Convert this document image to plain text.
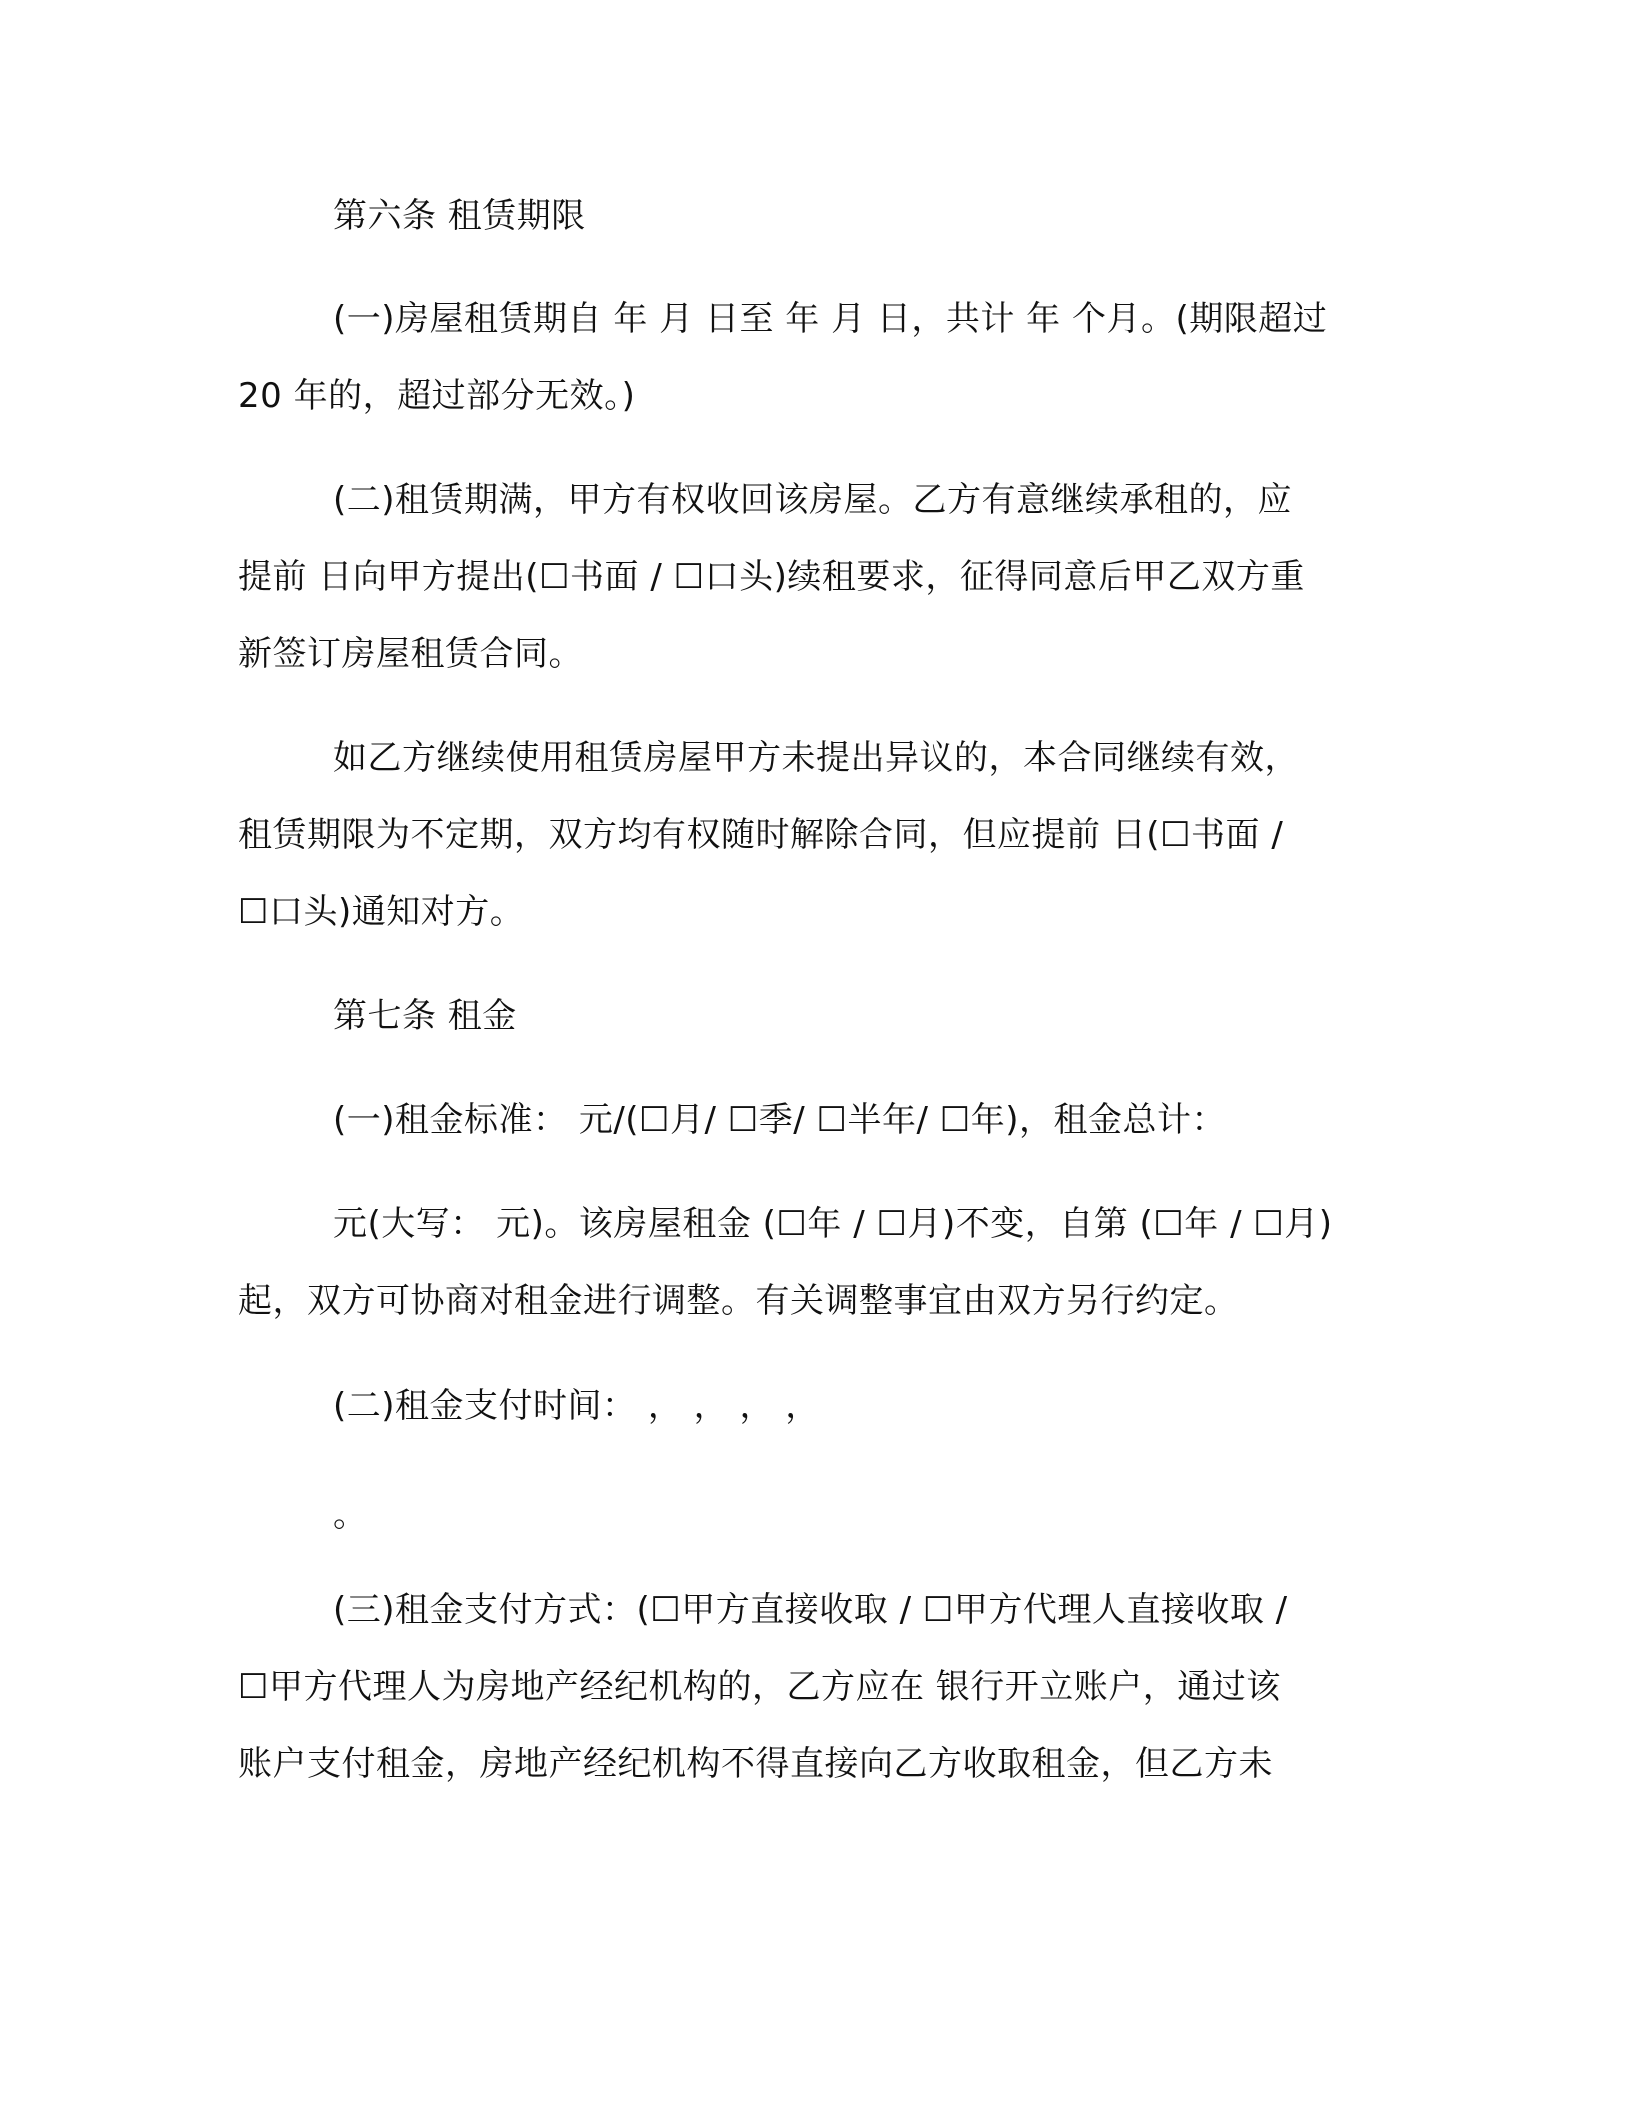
第六条 租赁期限
(一)房屋租赁期自 年 月 日至 年 月 日，共计 年 个月。(期限超过
20 年的，超过部分无效。)
(二)租赁期满，甲方有权收回该房屋。乙方有意继续承租的，应
提前 日向甲方提出(☐书面 / ☐口头)续租要求，征得同意后甲乙双方重
新签订房屋租赁合同。
如乙方继续使用租赁房屋甲方未提出异议的，本合同继续有效，
租赁期限为不定期，双方均有权随时解除合同，但应提前 日(☐书面 /
☐口头)通知对方。
第七条 租金
(一)租金标准： 元/(☐月/ ☐季/ ☐半年/ ☐年)，租金总计：
元(大写： 元)。该房屋租金 (☐年 / ☐月)不变，自第 (☐年 / ☐月)
起，双方可协商对租金进行调整。有关调整事宜由双方另行约定。
(二)租金支付时间： ， ， ， ，
。
(三)租金支付方式：(☐甲方直接收取 / ☐甲方代理人直接收取 /
☐甲方代理人为房地产经纪机构的，乙方应在 银行开立账户，通过该
账户支付租金，房地产经纪机构不得直接向乙方收取租金，但乙方未
